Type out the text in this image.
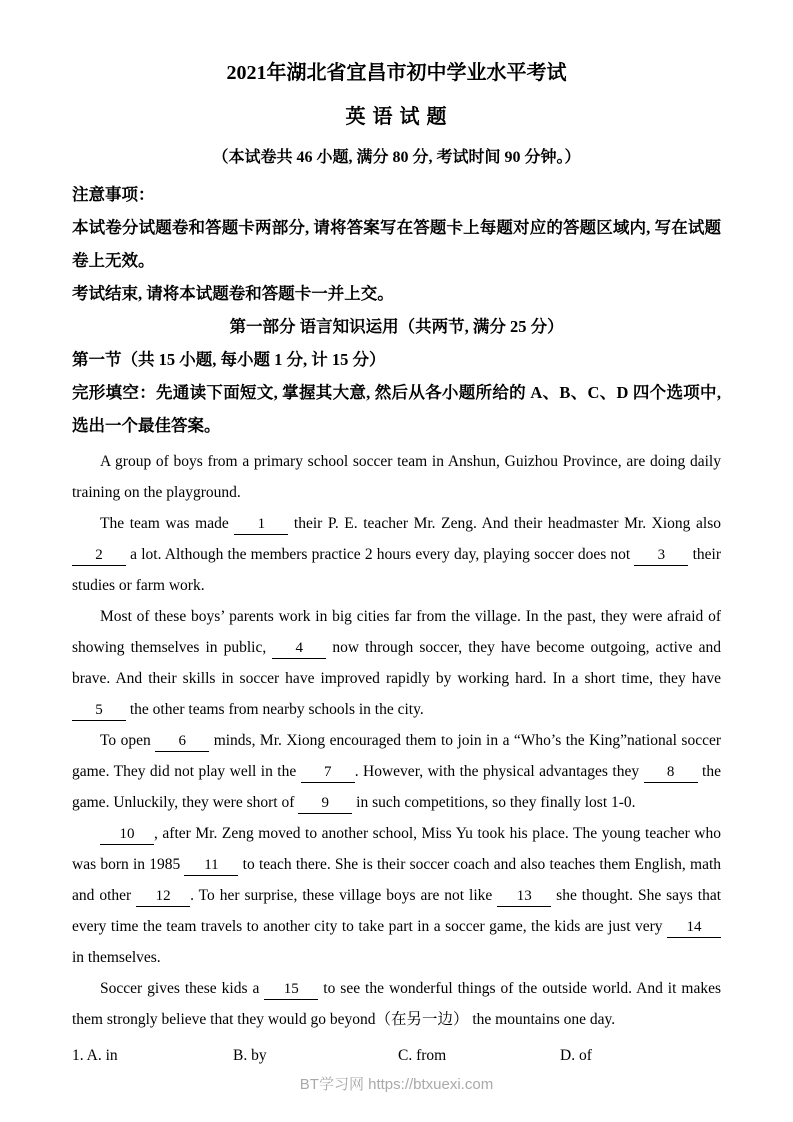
2021年湖北省宜昌市初中学业水平考试
英 语 试 题
（本试卷共 46 小题, 满分 80 分, 考试时间 90 分钟。）
注意事项：
本试卷分试题卷和答题卡两部分, 请将答案写在答题卡上每题对应的答题区域内, 写在试题卷上无效。
考试结束, 请将本试题卷和答题卡一并上交。
第一部分 语言知识运用（共两节, 满分 25 分）
第一节（共 15 小题, 每小题 1 分, 计 15 分）
完形填空：先通读下面短文, 掌握其大意, 然后从各小题所给的 A、B、C、D 四个选项中, 选出一个最佳答案。

A group of boys from a primary school soccer team in Anshun, Guizhou Province, are doing daily training on the playground.

The team was made 1 their P. E. teacher Mr. Zeng. And their headmaster Mr. Xiong also 2 a lot. Although the members practice 2 hours every day, playing soccer does not 3 their studies or farm work.

Most of these boys’ parents work in big cities far from the village. In the past, they were afraid of showing themselves in public, 4 now through soccer, they have become outgoing, active and brave. And their skills in soccer have improved rapidly by working hard. In a short time, they have 5 the other teams from nearby schools in the city.

To open 6 minds, Mr. Xiong encouraged them to join in a “Who’s the King”national soccer game. They did not play well in the 7 . However, with the physical advantages they 8 the game. Unluckily, they were short of 9 in such competitions, so they finally lost 1-0.

10 , after Mr. Zeng moved to another school, Miss Yu took his place. The young teacher who was born in 1985 11 to teach there. She is their soccer coach and also teaches them English, math and other 12 . To her surprise, these village boys are not like 13 she thought. She says that every time the team travels to another city to take part in a soccer game, the kids are just very 14 in themselves.

Soccer gives these kids a 15 to see the wonderful things of the outside world. And it makes them strongly believe that they would go beyond（在另一边） the mountains one day.

1. A. in	B. by	C. from	D. of
BT学习网 https://btxuexi.com
